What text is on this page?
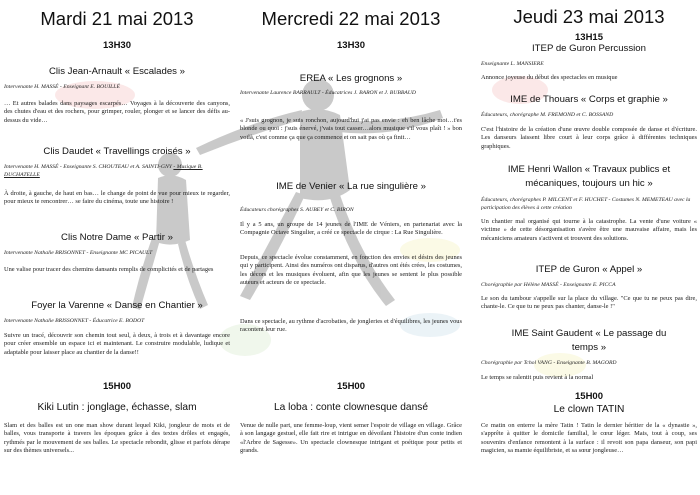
Mardi 21 mai 2013
13H30
Clis Jean-Arnault « Escalades »
Intervenante H. MASSÉ - Enseignant E. BOUILLÉ
… Et autres balades dans paysages escarpés… Voyages à la découverte des canyons, des chutes d'eau et des rochers, pour grimper, rouler, plonger et se lancer des défis au-dessus du vide…
Clis Daudet « Travellings croisés »
Intervenante H. MASSÉ - Enseignante S. CHOUTEAU et A. SAINTI-GNY - Musique B. DUCHATELLE
À droite, à gauche, de haut en bas… le change de point de vue pour mieux te regarder, pour mieux te rencontrer… se faire du cinéma, toute une histoire !
Clis Notre Dame « Partir »
Intervenante Nathalie BRISONNET - Enseignante MC PICAULT
Une valise pour tracer des chemins dansants remplis de complicités et de partages
Foyer la Varenne « Danse en Chantier »
Intervenante Nathalie BRISSONNET - Éducatrice E. BODOT
Suivre un tracé, découvrir son chemin tout seul, à deux, à trois et à davantage encore pour créer ensemble un espace ici et maintenant. Le construire modulable, ludique et adaptable pour laisser place au chantier de la danse!!
15H00
Kiki Lutin : jonglage, échasse, slam
Slam et des balles est un one man show durant lequel Kiki, jongleur de mots et de balles, vous transporte à travers les époques grâce à des textes drôles et engagés, rythmés par le mouvement de ses balles. Le spectacle rebondit, glisse et parfois dérape sur des thèmes universels...
Mercredi 22 mai 2013
13H30
EREA « Les grognons »
Intervenante Laurence BARRAULT - Éducatrices J. BARON et J. BUBBAUD
« J'suis grognon, je suis ronchon, aujourd'hui j'ai pas envie : eh ben lâche moi…t'es blonde ou quoi : j'suis énervé, j'vais tout casser…alors musique s'il vous plaît ! » bon voilà, c'est comme ça que ça commence et on sait pas où ça finit…
IME de Venier « La rue singulière »
Éducateurs chorégraphes S. AUBEY et C. BIRON
Il y a 5 ans, un groupe de 14 jeunes de l'IME de Véniers, en partenariat avec la Compagnie Octave Singulier, a créé ce spectacle de cirque : La Rue Singulière.
Depuis, ce spectacle évolue constamment, en fonction des envies et désirs des jeunes qui y participent. Ainsi des numéros ont disparus, d'autres ont étés crées, les costumes, les décors et les musiques évoluent, afin que les jeunes se sentent le plus possible auteurs et acteurs de ce spectacle.
Dans ce spectacle, au rythme d'acrobaties, de jongleries et d'équilibres, les jeunes vous racontent leur rue.
15H00
La loba : conte clownesque dansé
Venue de nulle part, une femme-loup, vient semer l'espoir de village en village. Grâce à son langage gestuel, elle fait rire et intrigue en dévoilant l'histoire d'un conte indien «l'Arbre de Sagesse». Un spectacle clownesque intrigant et poétique pour petits et grands.
Jeudi 23 mai 2013
13H15
ITEP de Guron Percussion
Enseignante L. MANSIERE
Annonce joyeuse du début des spectacles en musique
IME de Thouars « Corps et graphie »
Éducateurs, chorégraphe M. FREMOND et C. BOSSAND
C'est l'histoire de la création d'une œuvre double composée de danse et d'écriture. Les danseurs laissent libre court à leur corps grâce à différentes techniques graphiques.
IME Henri Wallon « Travaux publics et
mécaniques, toujours un hic »
Éducateurs, chorégraphes P. MILCENT et F. HUCHET - Costumes N. MEMETEAU avec la participation des élèves à cette création
Un chantier mal organisé qui tourne à la catastrophe. La vente d'une voiture « victime » de cette désorganisation s'avère être une mauvaise affaire, mais les mécaniciens amateurs s'activent et trouvent des solutions.
ITEP de Guron « Appel »
Chorégraphie par Hélène MASSÉ - Enseignante E. PICCA
Le son du tambour s'appelle sur la place du village. "Ce que tu ne peux pas dire, chante-le. Ce que tu ne peux pas chanter, danse-le !"
IME Saint Gaudent « Le passage du
temps »
Chorégraphie par Tchol VANG - Enseignante B. MAGORD
Le temps se ralentit puis revient à la normal
15H00
Le clown TATIN
Ce matin on enterre la mère Tatin ! Tatin le dernier héritier de la « dynastie », s'apprête à quitter le domicile familial, le cœur léger. Mais, tout à coup, ses souvenirs d'enfance remontent à la surface : il revoit son papa danseur, son papi magicien, sa mamie équilibriste, et sa sœur jongleuse…
